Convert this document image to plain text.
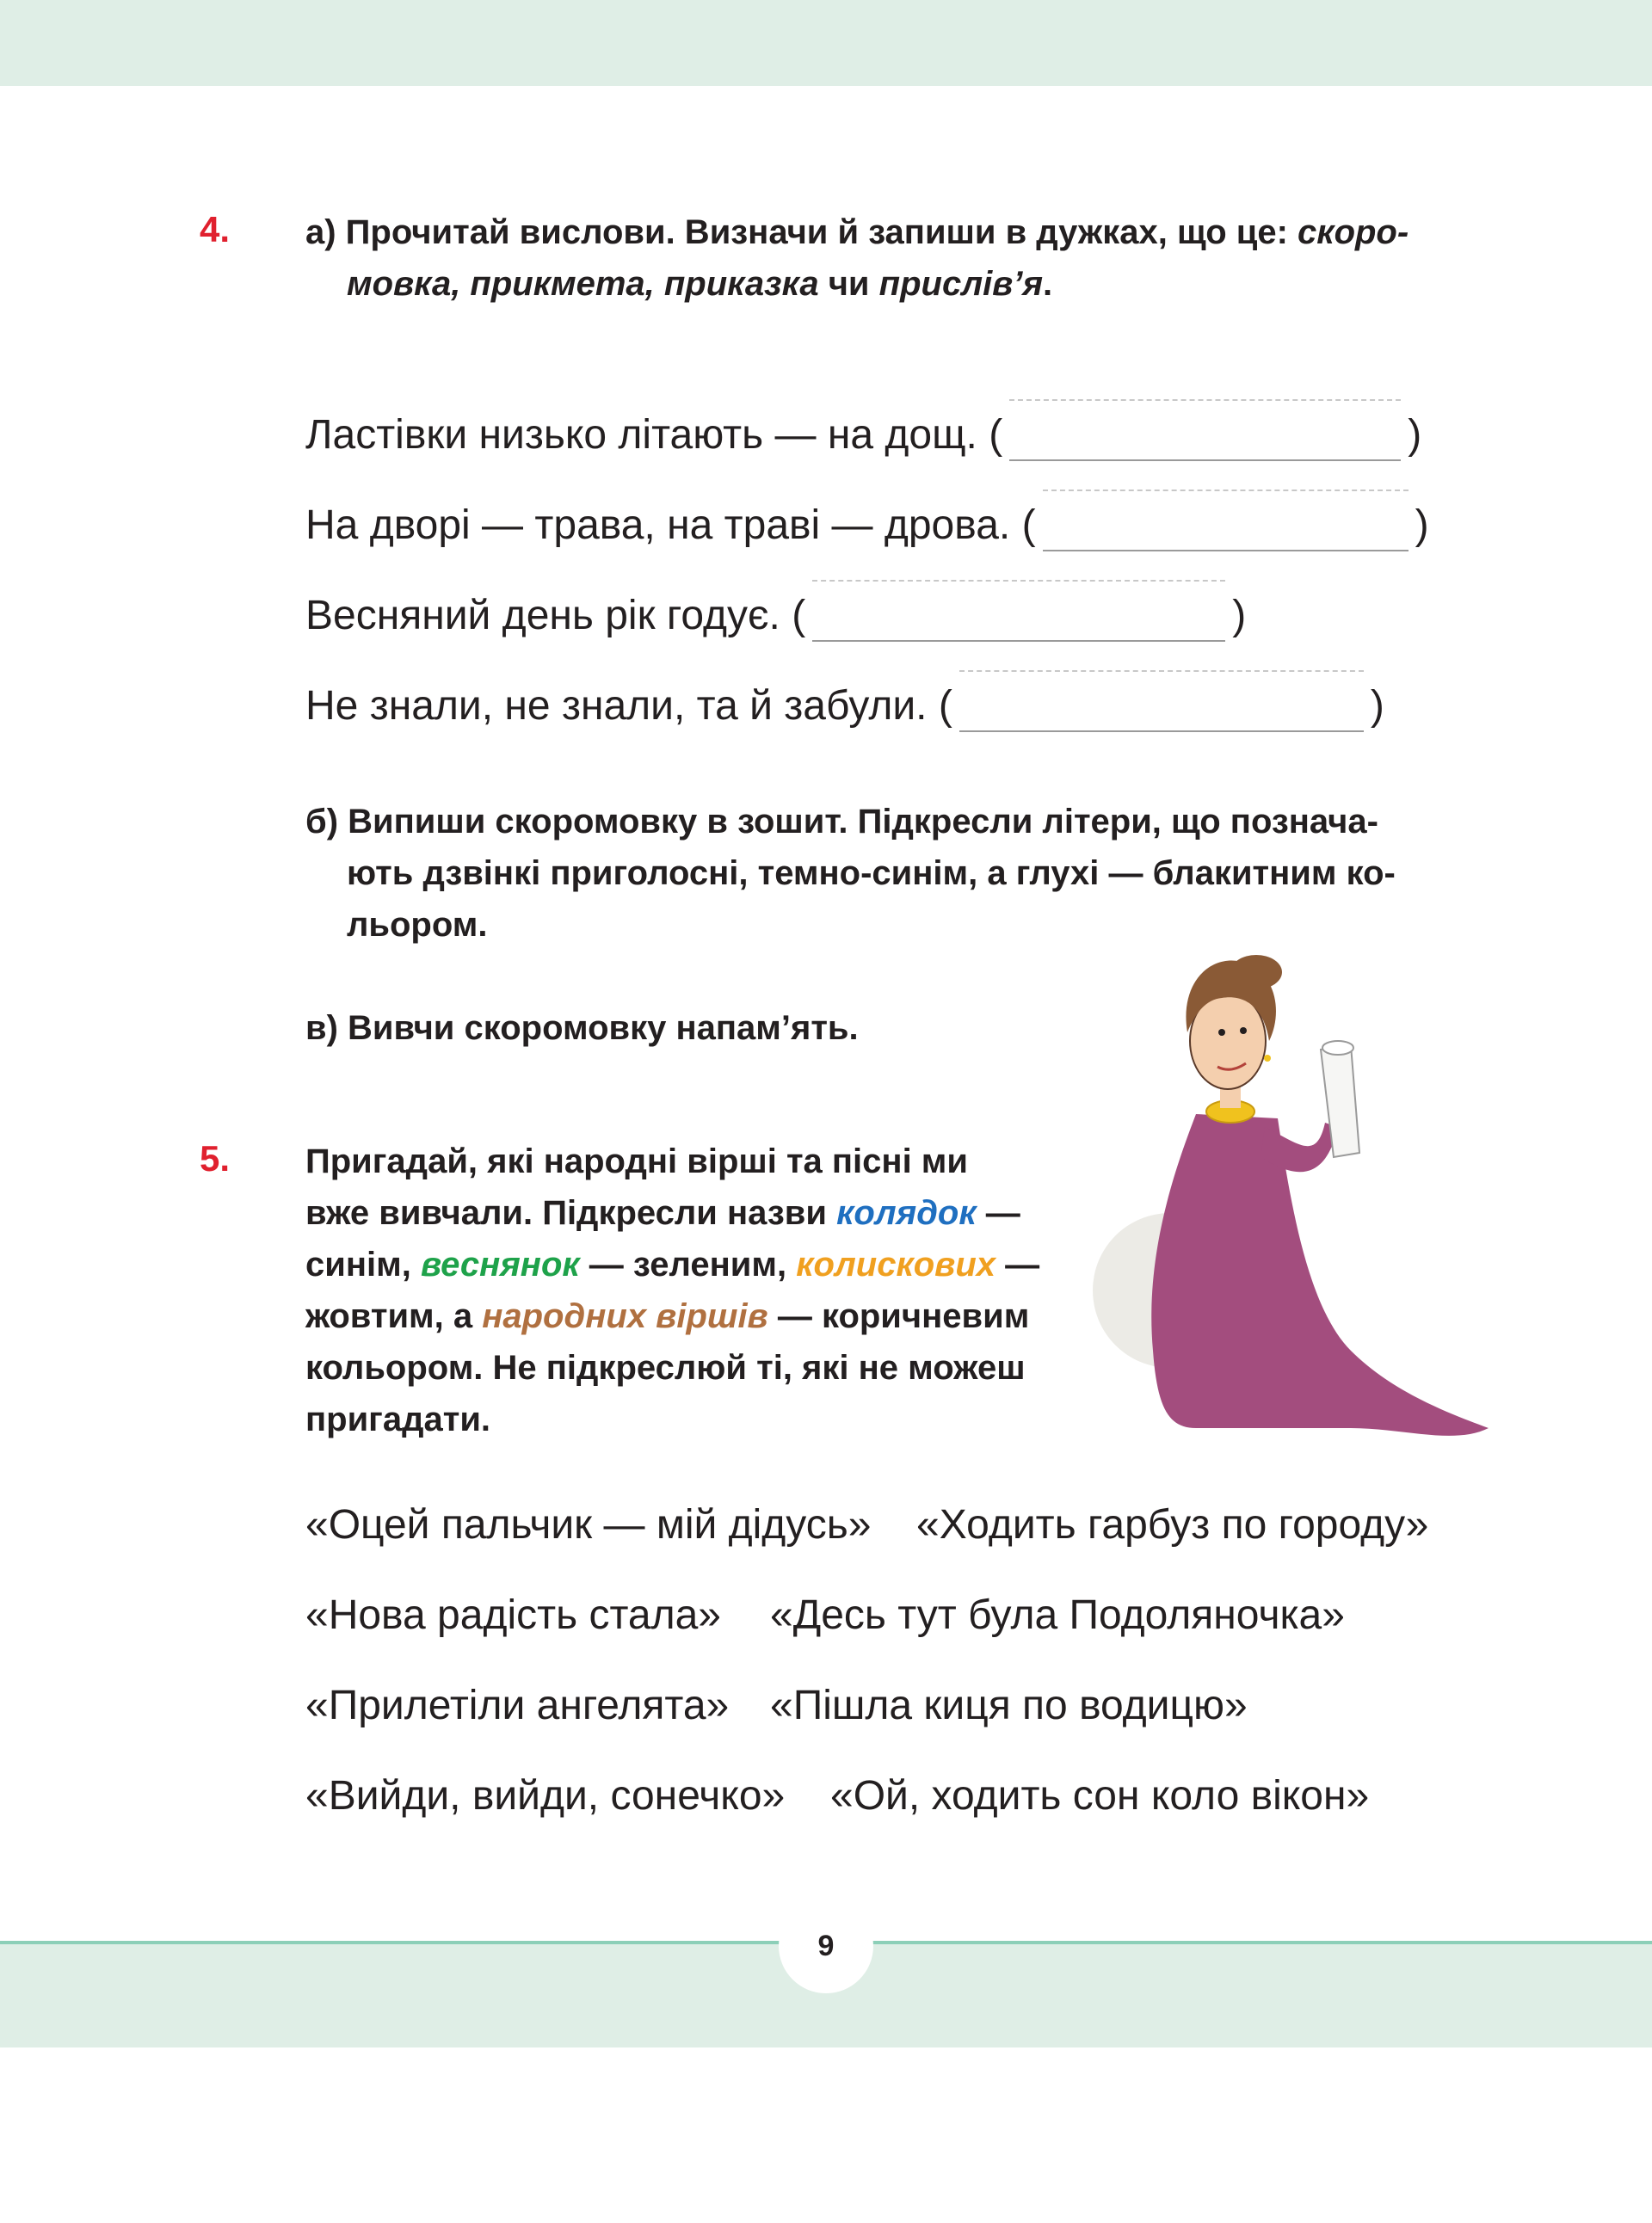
4. а) Прочитай вислови. Визначи й запиши в дужках, що це: скоро-
мовка, прикмета, приказка чи прислів’я.
Ластівки низько літають — на дощ. (	)
На дворі — трава, на траві — дрова. (	)
Весняний день рік годує. (	)
Не знали, не знали, та й забули. (	)
б) Випиши скоромовку в зошит. Підкресли літери, що познача-
ють дзвінкі приголосні, темно-синім, а глухі — блакитним ко-
льором.
в) Вивчи скоромовку напам’ять.
5. Пригадай, які народні вірші та пісні ми
вже вивчали. Підкресли назви колядок —
синім, веснянок — зеленим, колискових —
жовтим, а народних віршів — коричневим
кольором. Не підкреслюй ті, які не можеш
пригадати.
«Оцей пальчик — мій дідусь» «Ходить гарбуз по городу»
«Нова радість стала» «Десь тут була Подоляночка»
«Прилетіли ангелята» «Пішла киця по водицю»
«Вийди, вийди, сонечко» «Ой, ходить сон коло вікон»
9
